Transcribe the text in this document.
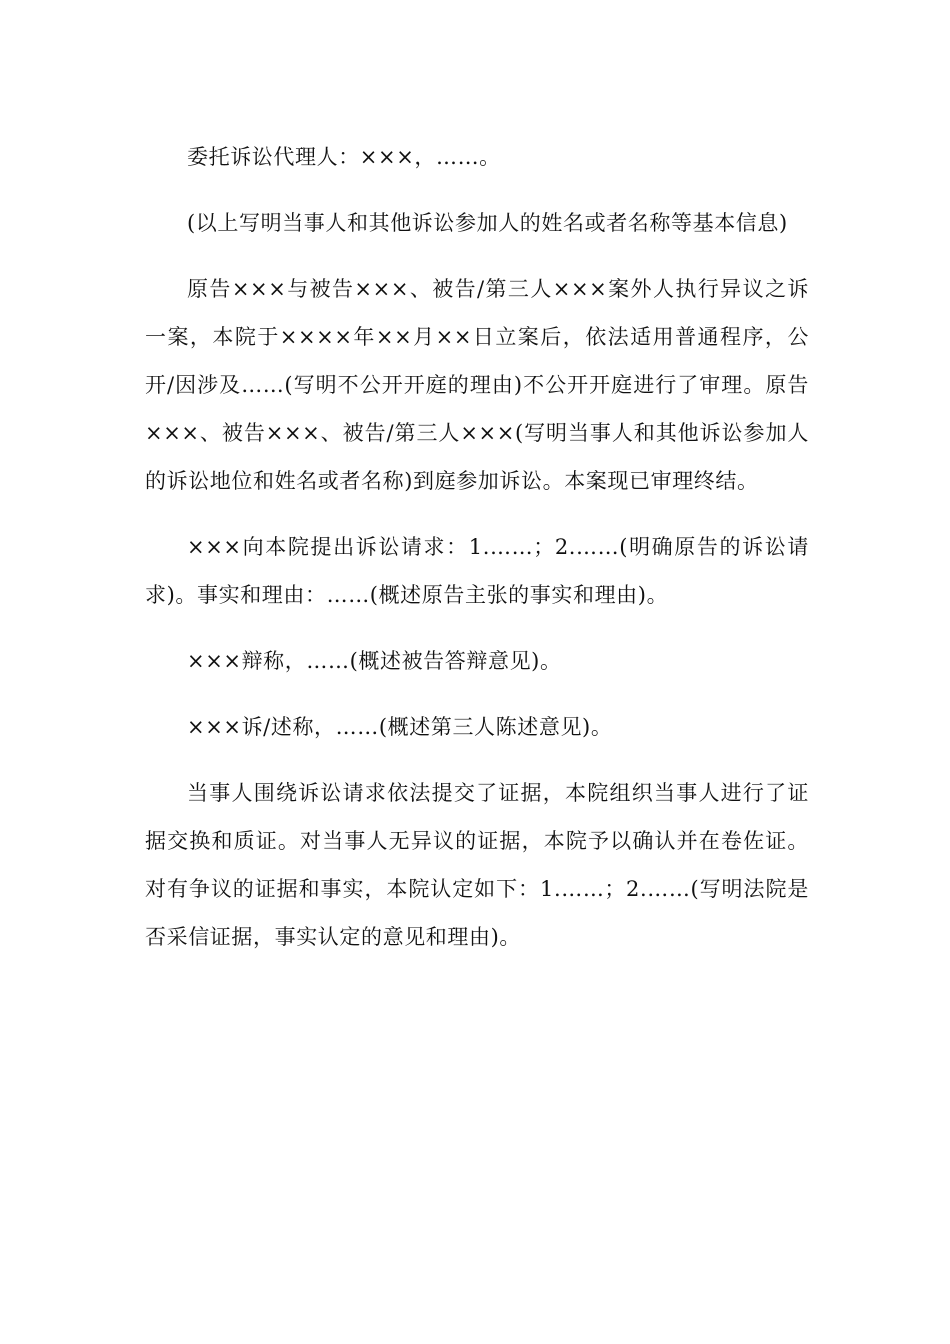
委托诉讼代理人：×××，……。

(以上写明当事人和其他诉讼参加人的姓名或者名称等基本信息)

原告×××与被告×××、被告/第三人×××案外人执行异议之诉一案，本院于××××年××月××日立案后，依法适用普通程序，公开/因涉及……(写明不公开开庭的理由)不公开开庭进行了审理。原告×××、被告×××、被告/第三人×××(写明当事人和其他诉讼参加人的诉讼地位和姓名或者名称)到庭参加诉讼。本案现已审理终结。

×××向本院提出诉讼请求：1.……；2.……(明确原告的诉讼请求)。事实和理由：……(概述原告主张的事实和理由)。

×××辩称，……(概述被告答辩意见)。

×××诉/述称，……(概述第三人陈述意见)。

当事人围绕诉讼请求依法提交了证据，本院组织当事人进行了证据交换和质证。对当事人无异议的证据，本院予以确认并在卷佐证。对有争议的证据和事实，本院认定如下：1.……；2.……(写明法院是否采信证据，事实认定的意见和理由)。
